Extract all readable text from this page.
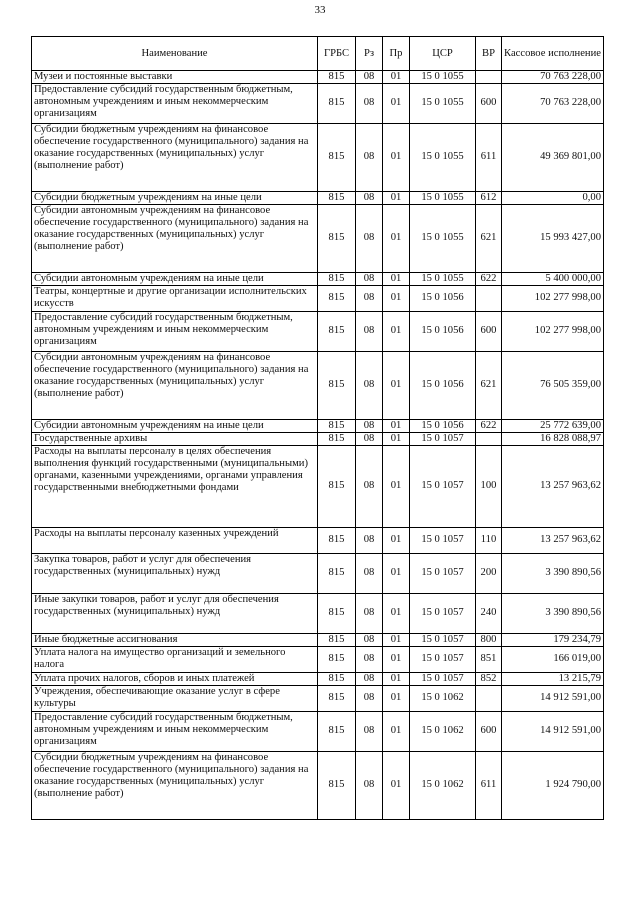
33
Наименование	ГРБС	Рз	Пр	ЦСР	ВР	Кассовое исполнение
Музеи и постоянные выставки	815	08	01	15 0 1055		70 763 228,00
Предоставление субсидий государственным бюджетным, автономным учреждениям и иным некоммерческим организациям	815	08	01	15 0 1055	600	70 763 228,00
Субсидии бюджетным учреждениям на финансовое обеспечение государственного (муниципального) задания на оказание государственных (муниципальных) услуг (выполнение работ)	815	08	01	15 0 1055	611	49 369 801,00
Субсидии бюджетным учреждениям на иные цели	815	08	01	15 0 1055	612	0,00
Субсидии автономным учреждениям на финансовое обеспечение государственного (муниципального) задания на оказание государственных (муниципальных) услуг (выполнение работ)	815	08	01	15 0 1055	621	15 993 427,00
Субсидии автономным учреждениям на иные цели	815	08	01	15 0 1055	622	5 400 000,00
Театры, концертные и другие организации исполнительских искусств	815	08	01	15 0 1056		102 277 998,00
Предоставление субсидий государственным бюджетным, автономным учреждениям и иным некоммерческим организациям	815	08	01	15 0 1056	600	102 277 998,00
Субсидии автономным учреждениям на финансовое обеспечение государственного (муниципального) задания на оказание государственных (муниципальных) услуг (выполнение работ)	815	08	01	15 0 1056	621	76 505 359,00
Субсидии автономным учреждениям на иные цели	815	08	01	15 0 1056	622	25 772 639,00
Государственные архивы	815	08	01	15 0 1057		16 828 088,97
Расходы на выплаты персоналу в целях обеспечения выполнения функций государственными (муниципальными) органами, казенными учреждениями, органами управления государственными внебюджетными фондами	815	08	01	15 0 1057	100	13 257 963,62
Расходы на выплаты персоналу казенных учреждений	815	08	01	15 0 1057	110	13 257 963,62
Закупка товаров, работ и услуг для обеспечения государственных (муниципальных) нужд	815	08	01	15 0 1057	200	3 390 890,56
Иные закупки товаров, работ и услуг для обеспечения государственных (муниципальных) нужд	815	08	01	15 0 1057	240	3 390 890,56
Иные бюджетные ассигнования	815	08	01	15 0 1057	800	179 234,79
Уплата налога на имущество организаций и земельного налога	815	08	01	15 0 1057	851	166 019,00
Уплата прочих налогов, сборов и иных платежей	815	08	01	15 0 1057	852	13 215,79
Учреждения, обеспечивающие оказание услуг в сфере культуры	815	08	01	15 0 1062		14 912 591,00
Предоставление субсидий государственным бюджетным, автономным учреждениям и иным некоммерческим организациям	815	08	01	15 0 1062	600	14 912 591,00
Субсидии бюджетным учреждениям на финансовое обеспечение государственного (муниципального) задания на оказание государственных (муниципальных) услуг (выполнение работ)	815	08	01	15 0 1062	611	1 924 790,00
